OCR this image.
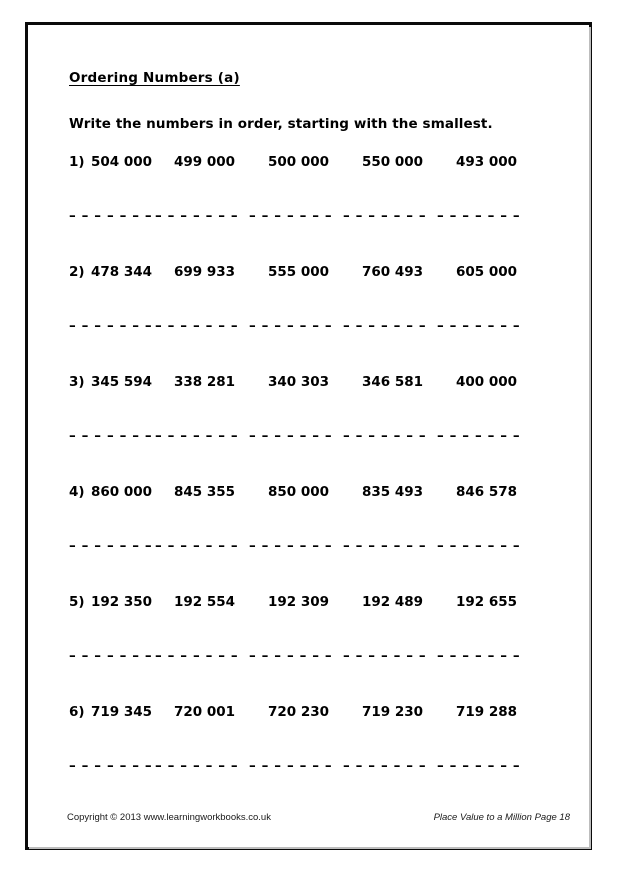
Ordering Numbers (a)
Write the numbers in order, starting with the smallest.
1) 504 000 499 000 500 000 550 000 493 000
– – – – – – – – – – – – – – – – – – – – – – – – – – – – – – – – – – –
2) 478 344 699 933 555 000 760 493 605 000
– – – – – – – – – – – – – – – – – – – – – – – – – – – – – – – – – – –
3) 345 594 338 281 340 303 346 581 400 000
– – – – – – – – – – – – – – – – – – – – – – – – – – – – – – – – – – –
4) 860 000 845 355 850 000 835 493 846 578
– – – – – – – – – – – – – – – – – – – – – – – – – – – – – – – – – – –
5) 192 350 192 554 192 309 192 489 192 655
– – – – – – – – – – – – – – – – – – – – – – – – – – – – – – – – – – –
6) 719 345 720 001 720 230 719 230 719 288
– – – – – – – – – – – – – – – – – – – – – – – – – – – – – – – – – – –
Copyright © 2013 www.learningworkbooks.co.uk	Place Value to a Million Page 18
